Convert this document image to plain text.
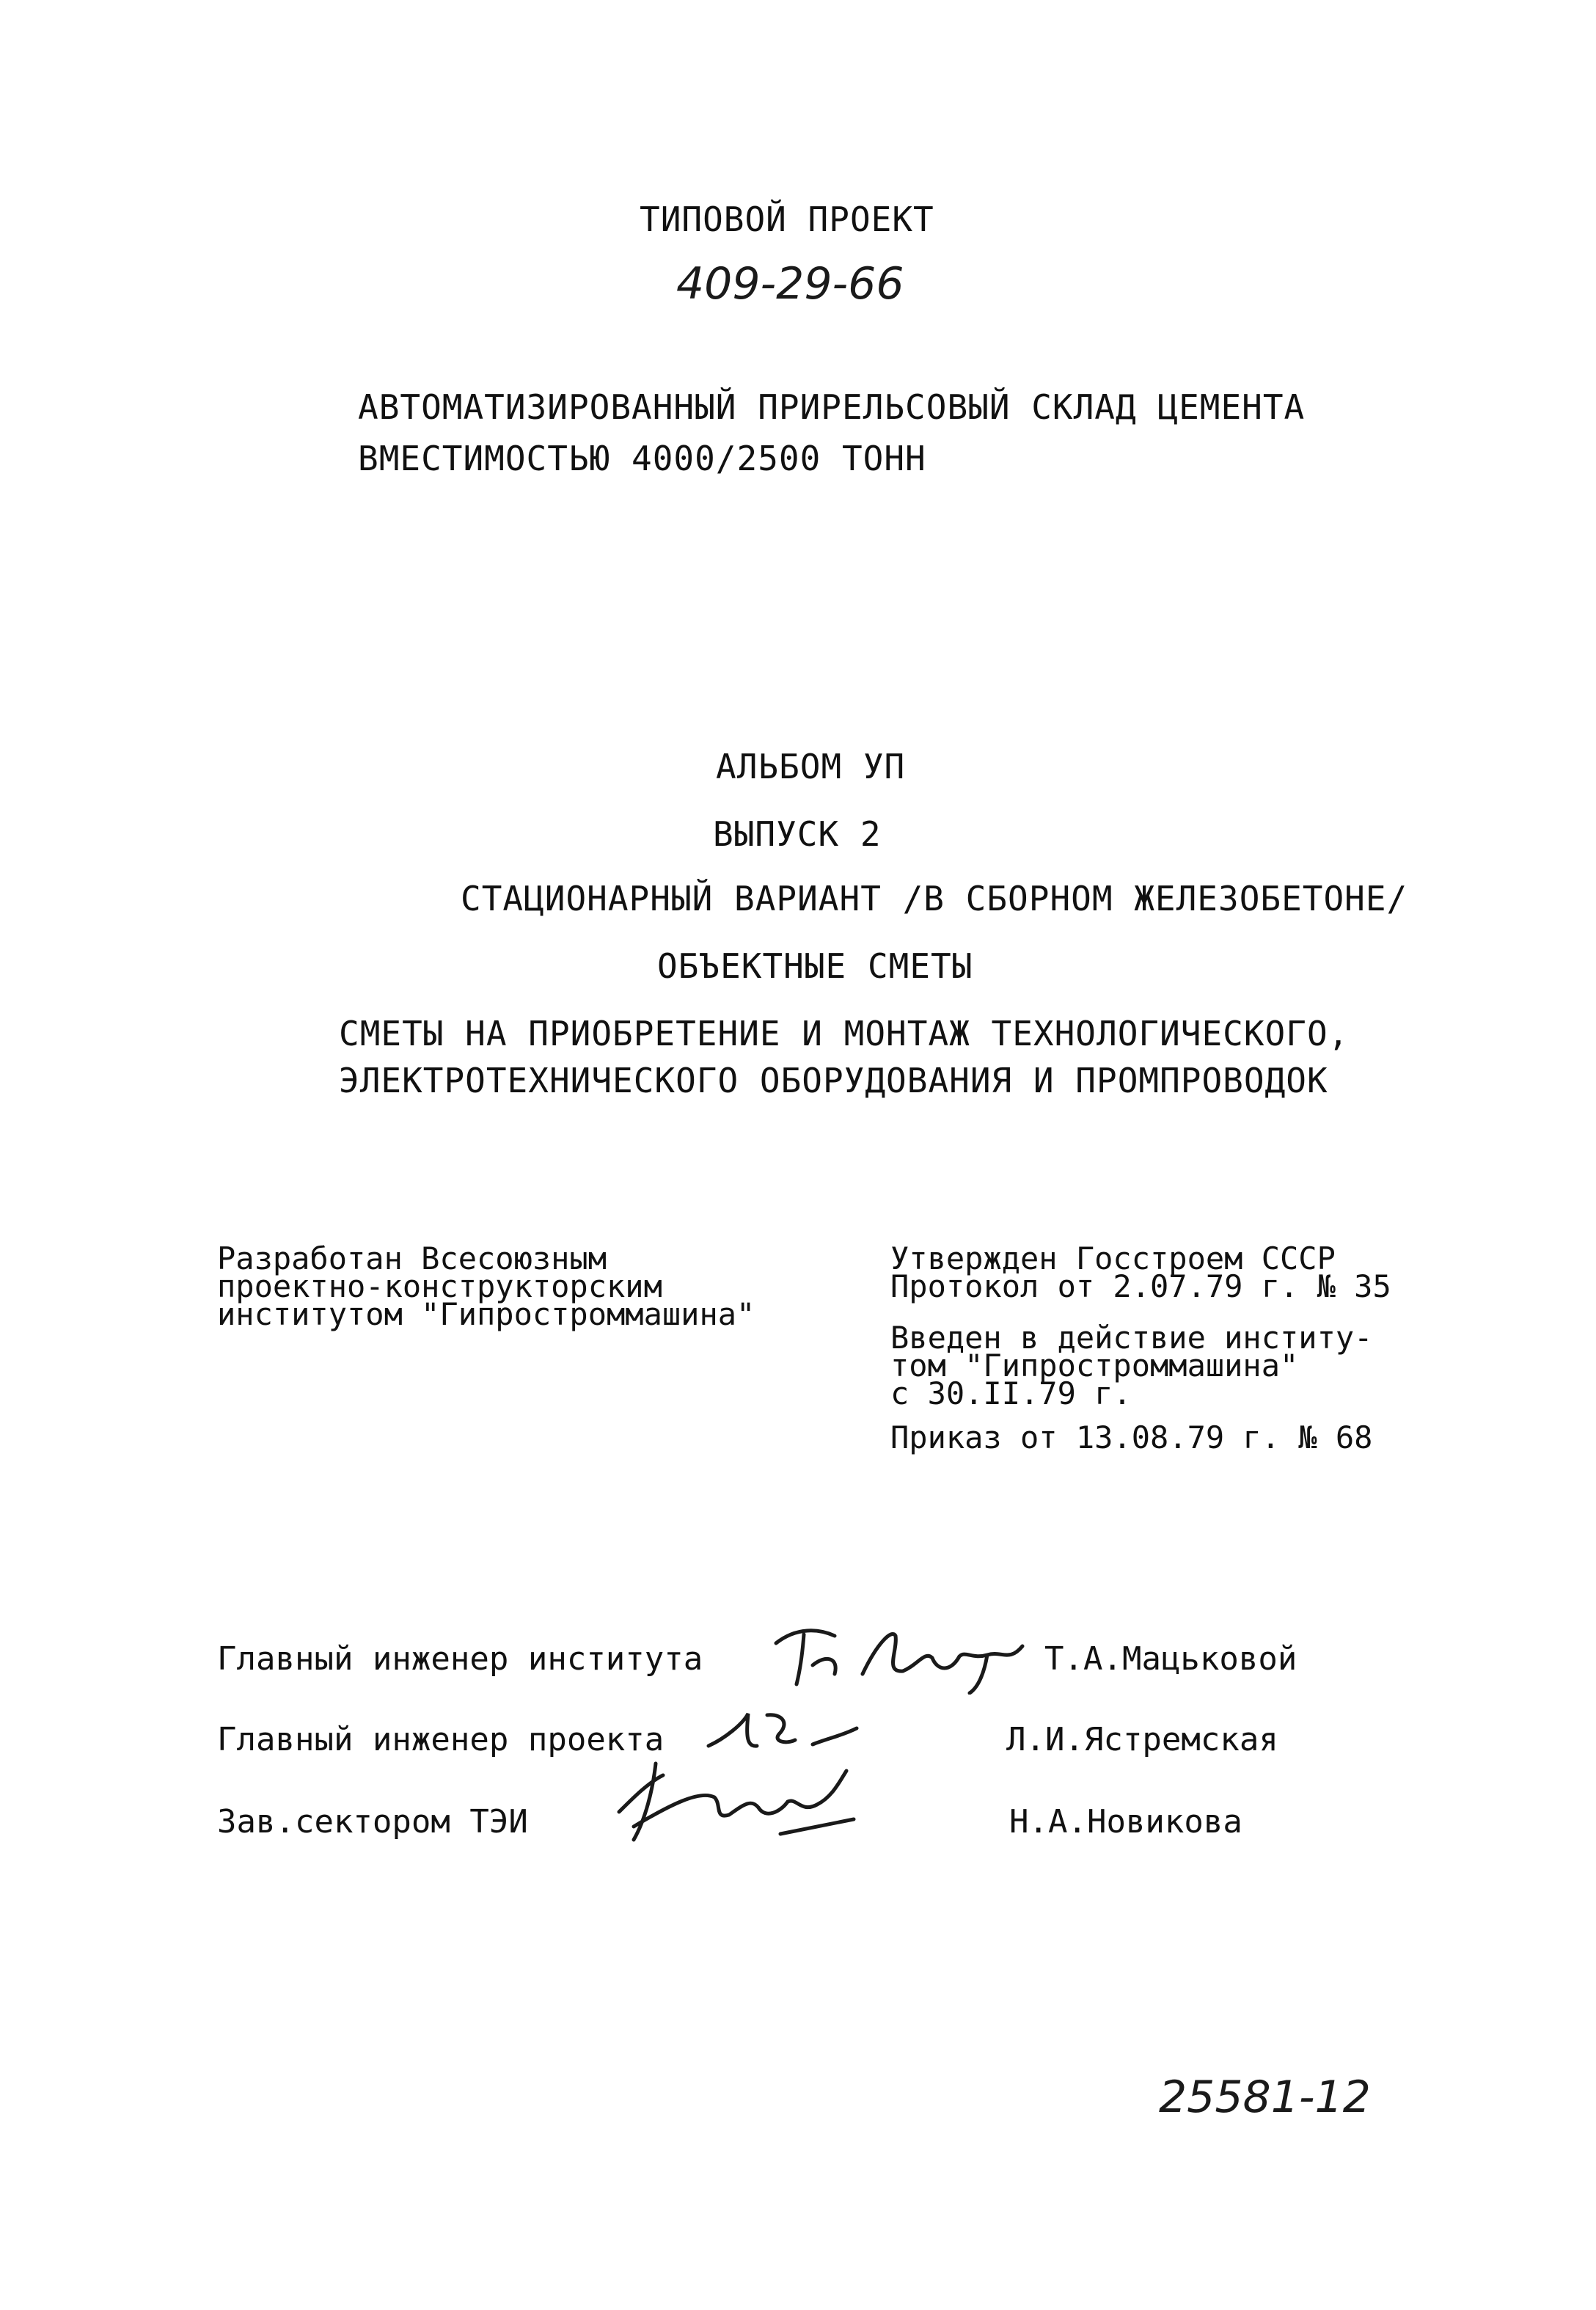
ТИПОВОЙ ПРОЕКТ
409-29-66
АВТОМАТИЗИРОВАННЫЙ ПРИРЕЛЬСОВЫЙ СКЛАД ЦЕМЕНТА
ВМЕСТИМОСТЬЮ 4000/2500 ТОНН
АЛЬБОМ УП
ВЫПУСК 2
СТАЦИОНАРНЫЙ ВАРИАНТ /В СБОРНОМ ЖЕЛЕЗОБЕТОНЕ/
ОБЪЕКТНЫЕ СМЕТЫ
СМЕТЫ НА ПРИОБРЕТЕНИЕ И МОНТАЖ ТЕХНОЛОГИЧЕСКОГО,
ЭЛЕКТРОТЕХНИЧЕСКОГО ОБОРУДОВАНИЯ И ПРОМПРОВОДОК
Разработан Всесоюзным
проектно-конструкторским
институтом "Гипростроммашина"
Утвержден Госстроем СССР
Протокол от 2.07.79 г. № 35
Введен в действие институ-
том "Гипростроммашина"
с 30.II.79 г.
Приказ от 13.08.79 г. № 68
Главный инженер института	Т.А.Мацьковой
Главный инженер проекта	Л.И.Ястремская
Зав.сектором ТЭИ	Н.А.Новикова
25581-12
